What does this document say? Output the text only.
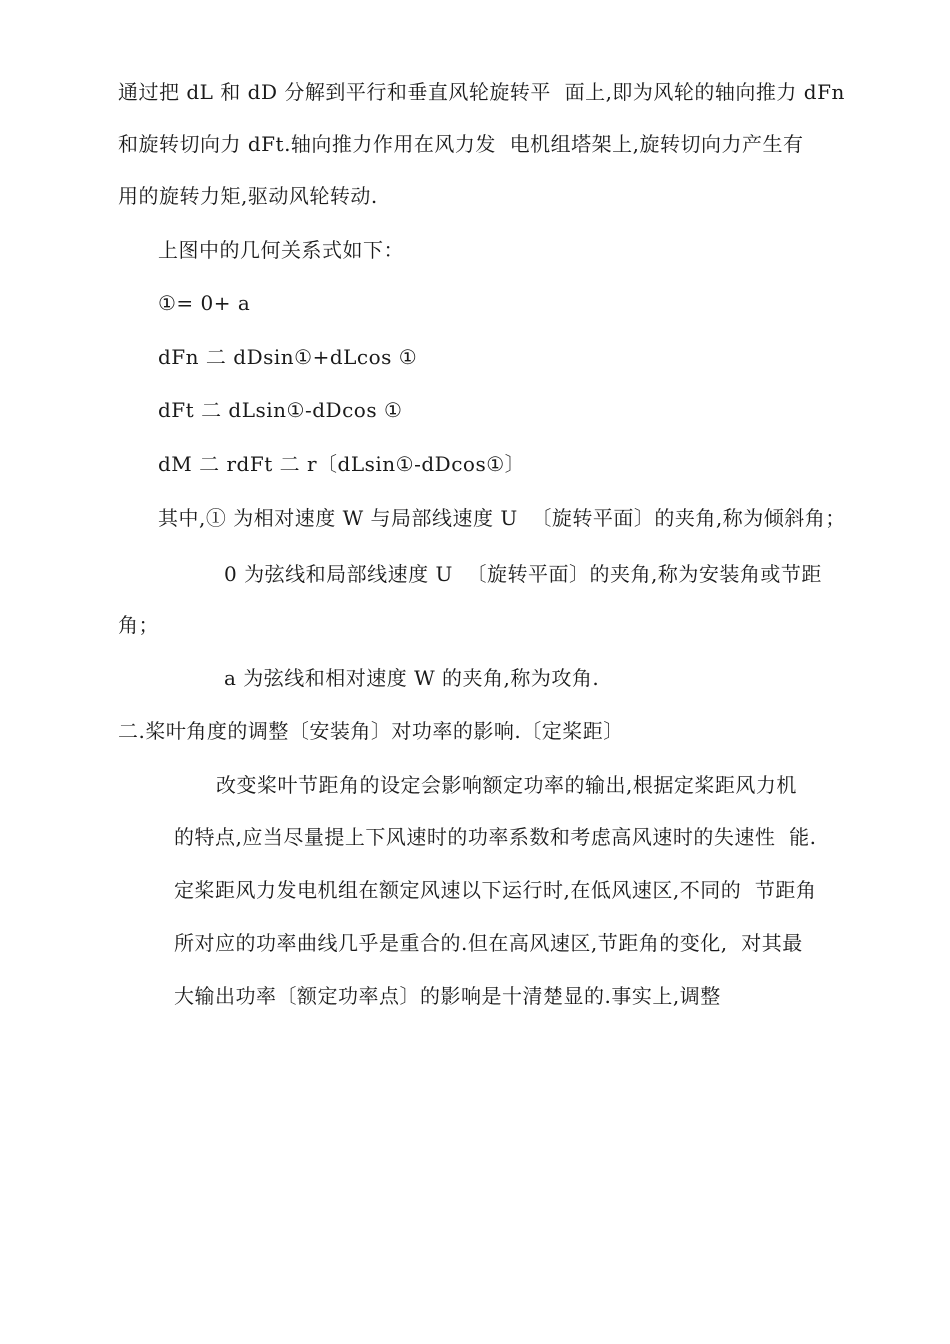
通过把 dL 和 dD 分解到平行和垂直风轮旋转平  面上,即为风轮的轴向推力 dFn
和旋转切向力 dFt.轴向推力作用在风力发  电机组塔架上,旋转切向力产生有
用的旋转力矩,驱动风轮转动.
上图中的几何关系式如下：
①= 0+ a
dFn 二 dDsin①+dLcos ①
dFt 二 dLsin①-dDcos ①
dM 二 rdFt 二 r〔dLsin①-dDcos①〕
其中,① 为相对速度 W 与局部线速度 U  〔旋转平面〕的夹角,称为倾斜角；
0 为弦线和局部线速度 U  〔旋转平面〕的夹角,称为安装角或节距
角；
a 为弦线和相对速度 W 的夹角,称为攻角.
二.桨叶角度的调整〔安装角〕对功率的影响.〔定桨距〕
改变桨叶节距角的设定会影响额定功率的输出,根据定桨距风力机
的特点,应当尽量提上下风速时的功率系数和考虑高风速时的失速性  能.
定桨距风力发电机组在额定风速以下运行时,在低风速区,不同的  节距角
所对应的功率曲线几乎是重合的.但在高风速区,节距角的变化,  对其最
大输出功率〔额定功率点〕的影响是十清楚显的.事实上,调整
